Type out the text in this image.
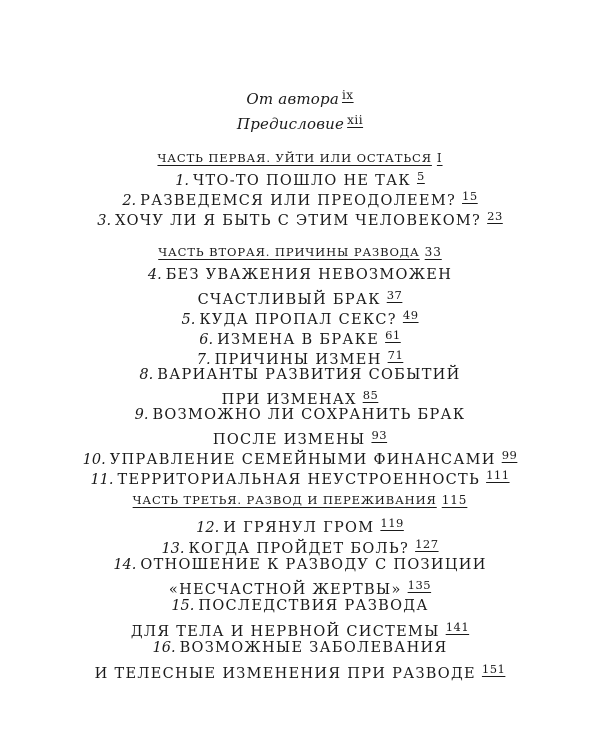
От автора $^{ix}$
Предисловие $^{xii}$
ЧАСТЬ ПЕРВАЯ. УЙТИ ИЛИ ОСТАТЬСЯ I
1. ЧТО-ТО ПОШЛО НЕ ТАК $^5$
2. РАЗВЕДЕМСЯ ИЛИ ПРЕОДОЛЕЕМ? $^{15}$
3. ХОЧУ ЛИ Я БЫТЬ С ЭТИМ ЧЕЛОВЕКОМ? $^{23}$
ЧАСТЬ ВТОРАЯ. ПРИЧИНЫ РАЗВОДА 33
4. БЕЗ УВАЖЕНИЯ НЕВОЗМОЖЕН
СЧАСТЛИВЫЙ БРАК $^{37}$
5. КУДА ПРОПАЛ СЕКС? $^{49}$
6. ИЗМЕНА В БРАКЕ $^{61}$
7. ПРИЧИНЫ ИЗМЕН $^{71}$
8. ВАРИАНТЫ РАЗВИТИЯ СОБЫТИЙ
ПРИ ИЗМЕНАХ $^{85}$
9. ВОЗМОЖНО ЛИ СОХРАНИТЬ БРАК
ПОСЛЕ ИЗМЕНЫ $^{93}$
10. УПРАВЛЕНИЕ СЕМЕЙНЫМИ ФИНАНСАМИ $^{99}$
11. ТЕРРИТОРИАЛЬНАЯ НЕУСТРОЕННОСТЬ $^{111}$
ЧАСТЬ ТРЕТЬЯ. РАЗВОД И ПЕРЕЖИВАНИЯ 115
12. И ГРЯНУЛ ГРОМ $^{119}$
13. КОГДА ПРОЙДЕТ БОЛЬ? $^{127}$
14. ОТНОШЕНИЕ К РАЗВОДУ С ПОЗИЦИИ
«НЕСЧАСТНОЙ ЖЕРТВЫ» $^{135}$
15. ПОСЛЕДСТВИЯ РАЗВОДА
ДЛЯ ТЕЛА И НЕРВНОЙ СИСТЕМЫ $^{141}$
16. ВОЗМОЖНЫЕ ЗАБОЛЕВАНИЯ
И ТЕЛЕСНЫЕ ИЗМЕНЕНИЯ ПРИ РАЗВОДЕ $^{151}$
